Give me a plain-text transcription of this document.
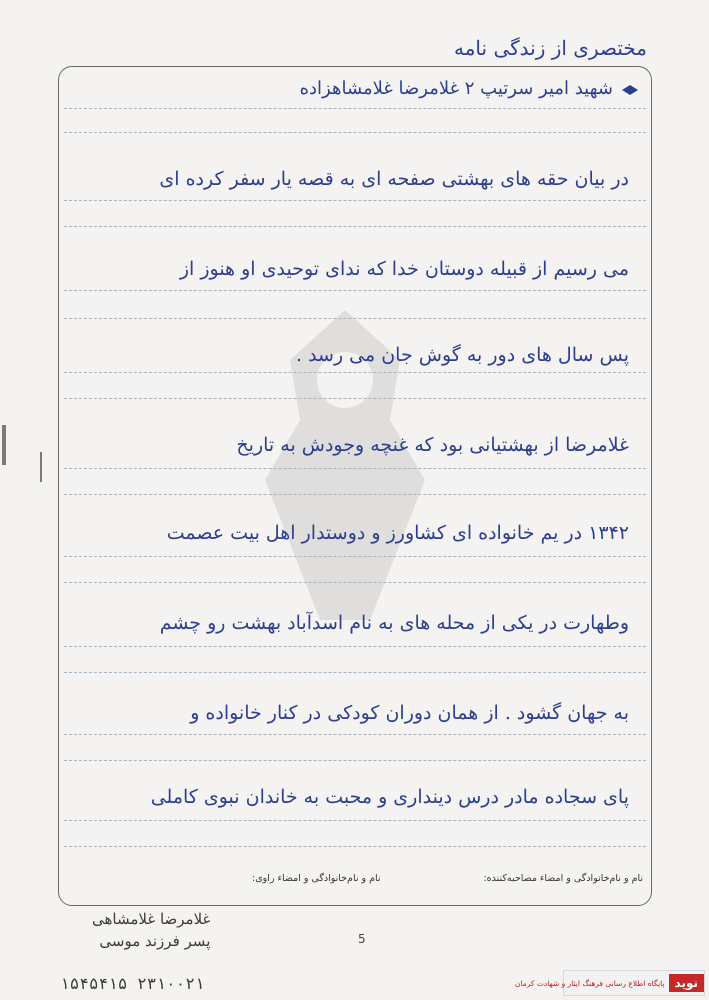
مختصری از زندگی نامه
شهید امیر سرتیپ ۲ غلامرضا غلامشاهزاده
در بیان حقه های بهشتی صفحه ای به قصه یار سفر کرده ای
می رسیم از قبیله دوستان خدا که ندای توحیدی او هنوز از
پس سال های دور به گوش جان می رسد .
غلامرضا از بهشتیانی بود که غنچه وجودش به تاریخ
۱۳۴۲ در یم خانواده ای کشاورز و دوستدار اهل بیت عصمت
وطهارت در یکی از محله های به نام اسدآباد بهشت رو چشم
به جهان گشود . از همان دوران کودکی در کنار خانواده و
پای سجاده مادر درس دینداری و محبت به خاندان نبوی کاملی
نام و نام‌خانوادگی و امضاء راوی:	نام و نام‌خانوادگی و امضاء مصاحبه‌کننده:
غلامرضا غلامشاهی
پسر فرزند موسی	5
۱۵۴۵۴۱۵ ۲۳۱۰۰۲۱	نوید
پایگاه اطلاع رسانی فرهنگ ایثار و شهادت کرمان
